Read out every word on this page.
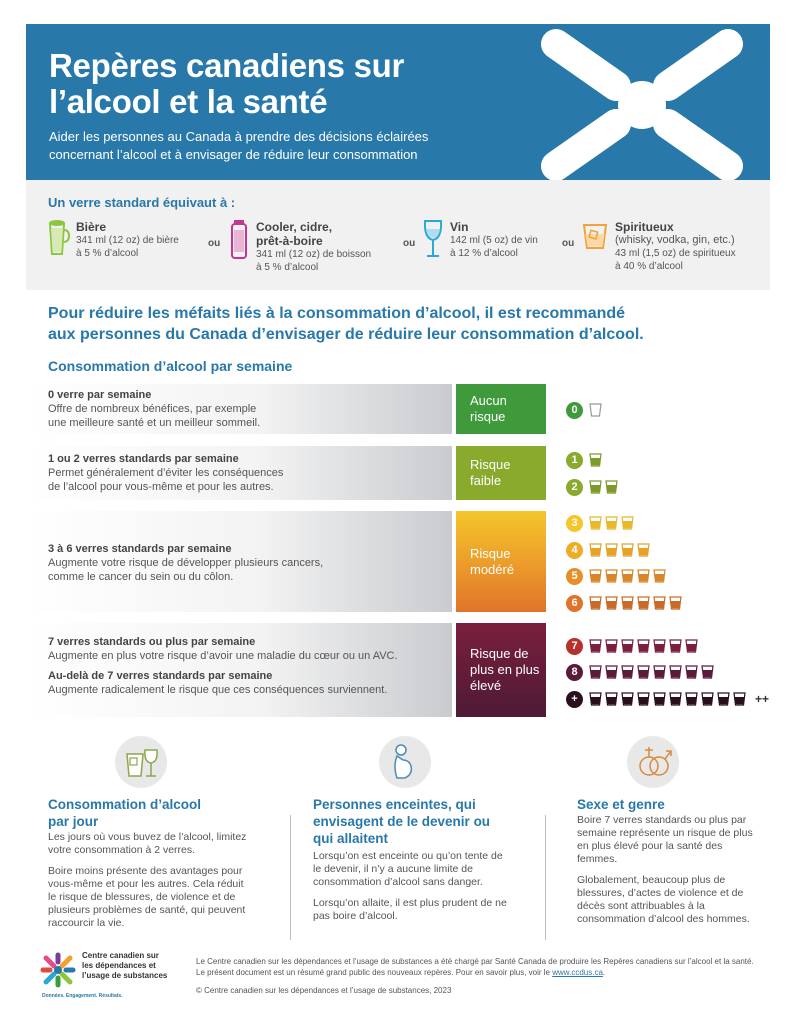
Repères canadiens sur
l’alcool et la santé
Aider les personnes au Canada à prendre des décisions éclairées
concernant l’alcool et à envisager de réduire leur consommation
Un verre standard équivaut à :
Bière
341 ml (12 oz) de bière
à 5 % d’alcool
ou
Cooler, cidre,
prêt-à-boire
341 ml (12 oz) de boisson
à 5 % d’alcool
ou
Vin
142 ml (5 oz) de vin
à 12 % d’alcool
ou
Spiritueux
(whisky, vodka, gin, etc.)
43 ml (1,5 oz) de spiritueux
à 40 % d’alcool
Pour réduire les méfaits liés à la consommation d’alcool, il est recommandé
aux personnes du Canada d’envisager de réduire leur consommation d’alcool.
Consommation d’alcool par semaine
0 verre par semaine
Offre de nombreux bénéfices, par exemple
une meilleure santé et un meilleur sommeil.
Aucun
risque
1 ou 2 verres standards par semaine
Permet généralement d’éviter les conséquences
de l’alcool pour vous-même et pour les autres.
Risque
faible
3 à 6 verres standards par semaine
Augmente votre risque de développer plusieurs cancers,
comme le cancer du sein ou du côlon.
Risque
modéré
7 verres standards ou plus par semaine
Augmente en plus votre risque d’avoir une maladie du cœur ou un AVC.
Au-delà de 7 verres standards par semaine
Augmente radicalement le risque que ces conséquences surviennent.
Risque de
plus en plus
élevé
0
1
2
3
4
5
6
7
8
+	++
Consommation d’alcool
par jour

Les jours où vous buvez de l’alcool, limitez votre consommation à 2 verres.

Boire moins présente des avantages pour vous-même et pour les autres. Cela réduit le risque de blessures, de violence et de plusieurs problèmes de santé, qui peuvent raccourcir la vie.

Personnes enceintes, qui
envisagent de le devenir ou
qui allaitent

Lorsqu’on est enceinte ou qu’on tente de le devenir, il n’y a aucune limite de consommation d’alcool sans danger.

Lorsqu’on allaite, il est plus prudent de ne pas boire d’alcool.

Sexe et genre

Boire 7 verres standards ou plus par semaine représente un risque de plus en plus élevé pour la santé des femmes.

Globalement, beaucoup plus de blessures, d’actes de violence et de décès sont attribuables à la consommation d’alcool des hommes.

Centre canadien sur
les dépendances et
l’usage de substances
Données. Engagement. Résultats.
Le Centre canadien sur les dépendances et l’usage de substances a été chargé par Santé Canada de produire les Repères canadiens sur l’alcool et la santé.
Le présent document est un résumé grand public des nouveaux repères. Pour en savoir plus, voir le www.ccdus.ca.
© Centre canadien sur les dépendances et l’usage de substances, 2023
